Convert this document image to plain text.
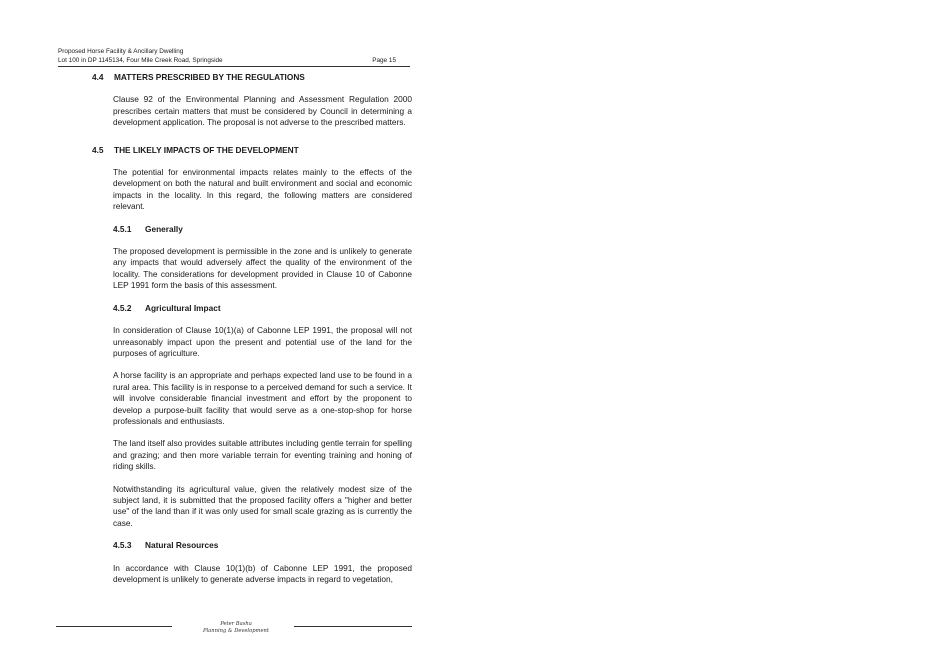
Proposed Horse Facility & Ancillary Dwelling
Lot 100 in DP 1145134, Four Mile Creek Road, Springside	Page 15
4.4	MATTERS PRESCRIBED BY THE REGULATIONS

Clause 92 of the Environmental Planning and Assessment Regulation 2000 prescribes certain matters that must be considered by Council in determining a development application. The proposal is not adverse to the prescribed matters.

4.5	THE LIKELY IMPACTS OF THE DEVELOPMENT

The potential for environmental impacts relates mainly to the effects of the development on both the natural and built environment and social and economic impacts in the locality. In this regard, the following matters are considered relevant.

4.5.1	Generally

The proposed development is permissible in the zone and is unlikely to generate any impacts that would adversely affect the quality of the environment of the locality. The considerations for development provided in Clause 10 of Cabonne LEP 1991 form the basis of this assessment.

4.5.2	Agricultural Impact

In consideration of Clause 10(1)(a) of Cabonne LEP 1991, the proposal will not unreasonably impact upon the present and potential use of the land for the purposes of agriculture.

A horse facility is an appropriate and perhaps expected land use to be found in a rural area. This facility is in response to a perceived demand for such a service. It will involve considerable financial investment and effort by the proponent to develop a purpose-built facility that would serve as a one-stop-shop for horse professionals and enthusiasts.

The land itself also provides suitable attributes including gentle terrain for spelling and grazing; and then more variable terrain for eventing training and honing of riding skills.

Notwithstanding its agricultural value, given the relatively modest size of the subject land, it is submitted that the proposed facility offers a "higher and better use" of the land than if it was only used for small scale grazing as is currently the case.

4.5.3	Natural Resources

In accordance with Clause 10(1)(b) of Cabonne LEP 1991, the proposed development is unlikely to generate adverse impacts in regard to vegetation,

Peter Basha
Planning & Development
